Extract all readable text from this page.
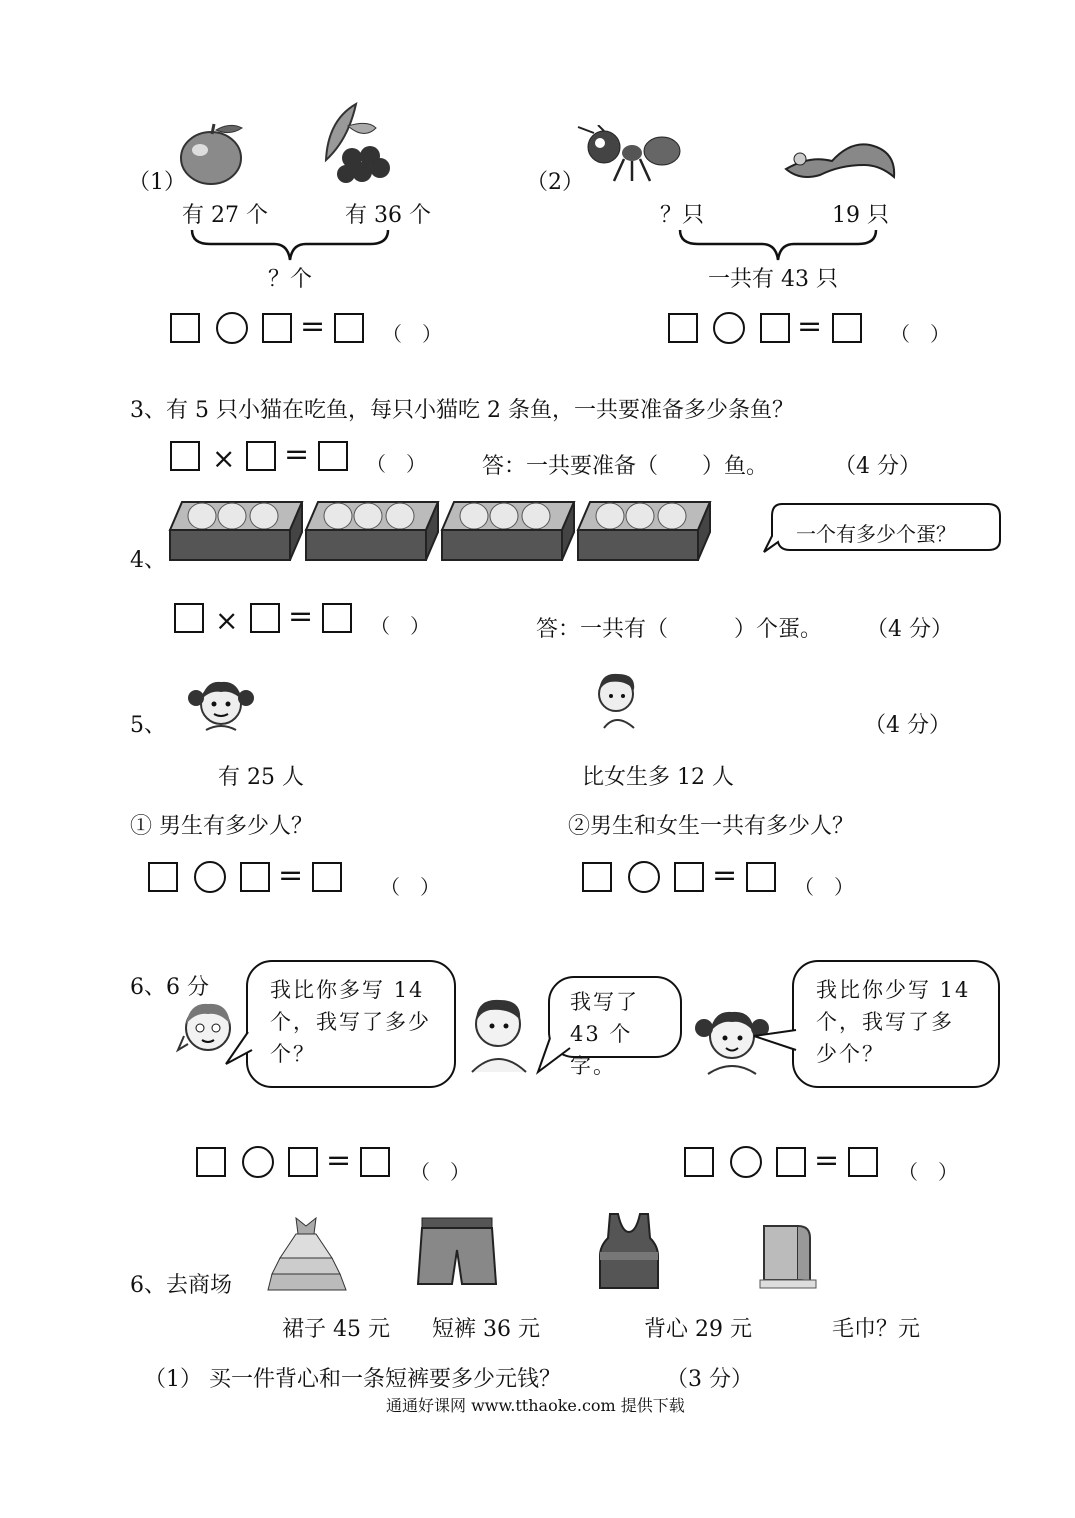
（1）
有 27 个	有 36 个
？个
=	（　）
（2）
？只	19 只
一共有 43 只
=	（　）
3、有 5 只小猫在吃鱼，每只小猫吃 2 条鱼，一共要准备多少条鱼？
× =	（　）	答：一共要准备（　　）鱼。	（4 分）
4、
一个有多少个蛋？
× =	（　）	答：一共有（　　　）个蛋。 （4 分）
5、	（4 分）
有 25 人	比女生多 12 人
① 男生有多少人？	②男生和女生一共有多少人？
=	（　）	=	（　）
6、6 分	我比你多写 14 个，我写了多少个？
我写了 43 个字。
我比你少写 14 个，我写了多少个？
=	（　）	=	（　）
6、去商场
裙子 45 元 短裤 36 元	背心 29 元	毛巾？元
（1） 买一件背心和一条短裤要多少元钱？	（3 分）
通通好课网 www.tthaoke.com 提供下载
